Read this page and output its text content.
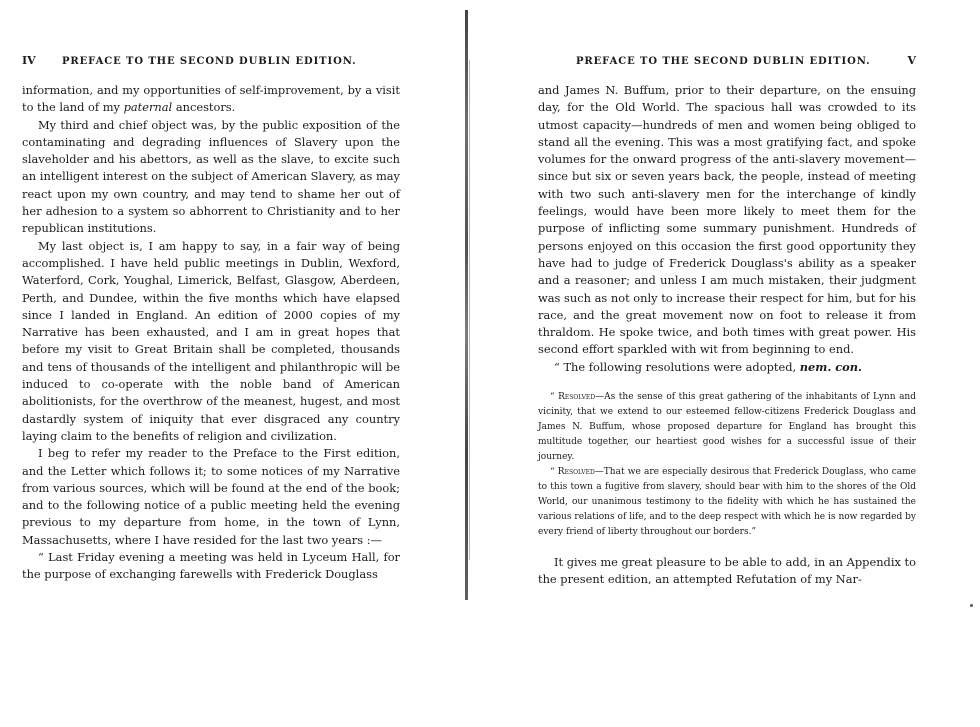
IV	PREFACE TO THE SECOND DUBLIN EDITION.

information, and my opportunities of self-improvement, by a visit to the land of my paternal ancestors.

My third and chief object was, by the public exposition of the contaminating and degrading influences of Slavery upon the slaveholder and his abettors, as well as the slave, to excite such an intelligent interest on the subject of American Slavery, as may react upon my own country, and may tend to shame her out of her adhesion to a system so abhorrent to Christianity and to her republican institutions.

My last object is, I am happy to say, in a fair way of being accomplished. I have held public meetings in Dublin, Wexford, Waterford, Cork, Youghal, Limerick, Belfast, Glasgow, Aberdeen, Perth, and Dundee, within the five months which have elapsed since I landed in England. An edition of 2000 copies of my Narrative has been exhausted, and I am in great hopes that before my visit to Great Britain shall be completed, thousands and tens of thousands of the intelligent and philanthropic will be induced to co-operate with the noble band of American abolitionists, for the overthrow of the meanest, hugest, and most dastardly system of iniquity that ever disgraced any country laying claim to the benefits of religion and civilization.

I beg to refer my reader to the Preface to the First edition, and the Letter which follows it; to some notices of my Narrative from various sources, which will be found at the end of the book; and to the following notice of a public meeting held the evening previous to my departure from home, in the town of Lynn, Massachusetts, where I have resided for the last two years :—

“ Last Friday evening a meeting was held in Lyceum Hall, for the purpose of exchanging farewells with Frederick Douglass

PREFACE TO THE SECOND DUBLIN EDITION.	V

and James N. Buffum, prior to their departure, on the ensuing day, for the Old World. The spacious hall was crowded to its utmost capacity—hundreds of men and women being obliged to stand all the evening. This was a most gratifying fact, and spoke volumes for the onward progress of the anti-slavery movement—since but six or seven years back, the people, instead of meeting with two such anti-slavery men for the interchange of kindly feelings, would have been more likely to meet them for the purpose of inflicting some summary punishment. Hundreds of persons enjoyed on this occasion the first good opportunity they have had to judge of Frederick Douglass's ability as a speaker and a reasoner; and unless I am much mistaken, their judgment was such as not only to increase their respect for him, but for his race, and the great movement now on foot to release it from thraldom. He spoke twice, and both times with great power. His second effort sparkled with wit from beginning to end.

“ The following resolutions were adopted, nem. con.

“ Resolved—As the sense of this great gathering of the inhabitants of Lynn and vicinity, that we extend to our esteemed fellow-citizens Frederick Douglass and James N. Buffum, whose proposed departure for England has brought this multitude together, our heartiest good wishes for a successful issue of their journey.

“ Resolved—That we are especially desirous that Frederick Douglass, who came to this town a fugitive from slavery, should bear with him to the shores of the Old World, our unanimous testimony to the fidelity with which he has sustained the various relations of life, and to the deep respect with which he is now regarded by every friend of liberty throughout our borders.”

It gives me great pleasure to be able to add, in an Appendix to the present edition, an attempted Refutation of my Nar-
